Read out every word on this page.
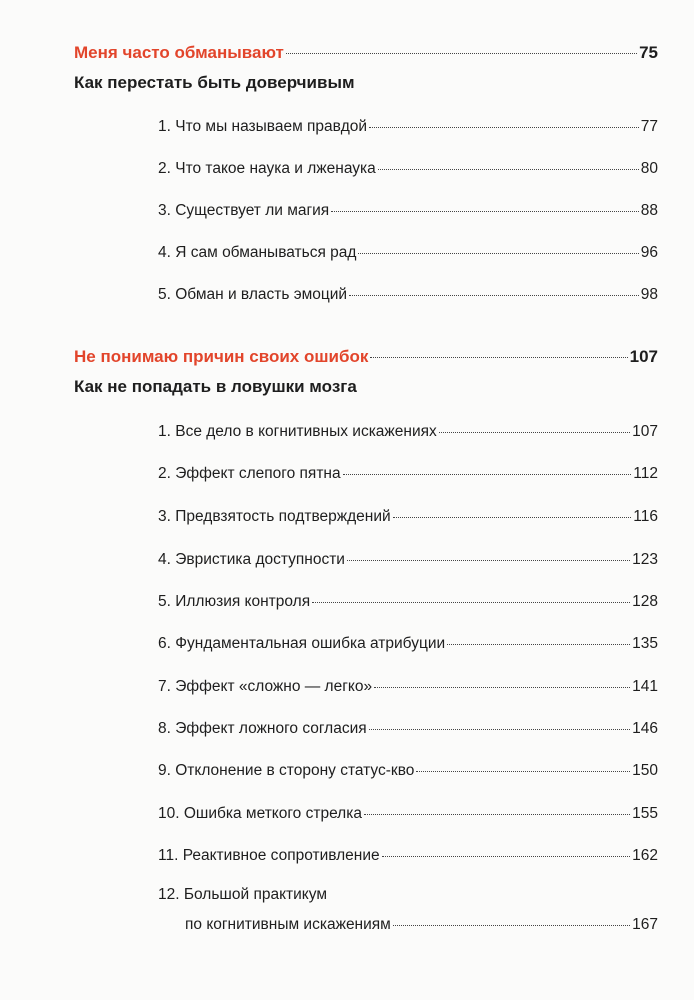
Меня часто обманывают	75
Как перестать быть доверчивым
1. Что мы называем правдой	77
2. Что такое наука и лженаука	80
3. Существует ли магия	88
4. Я сам обманываться рад	96
5. Обман и власть эмоций	98
Не понимаю причин своих ошибок	107
Как не попадать в ловушки мозга
1. Все дело в когнитивных искажениях	107
2. Эффект слепого пятна	112
3. Предвзятость подтверждений	116
4. Эвристика доступности	123
5. Иллюзия контроля	128
6. Фундаментальная ошибка атрибуции	135
7. Эффект «сложно — легко»	141
8. Эффект ложного согласия	146
9. Отклонение в сторону статус-кво	150
10. Ошибка меткого стрелка	155
11. Реактивное сопротивление	162
12. Большой практикум
по когнитивным искажениям	167
